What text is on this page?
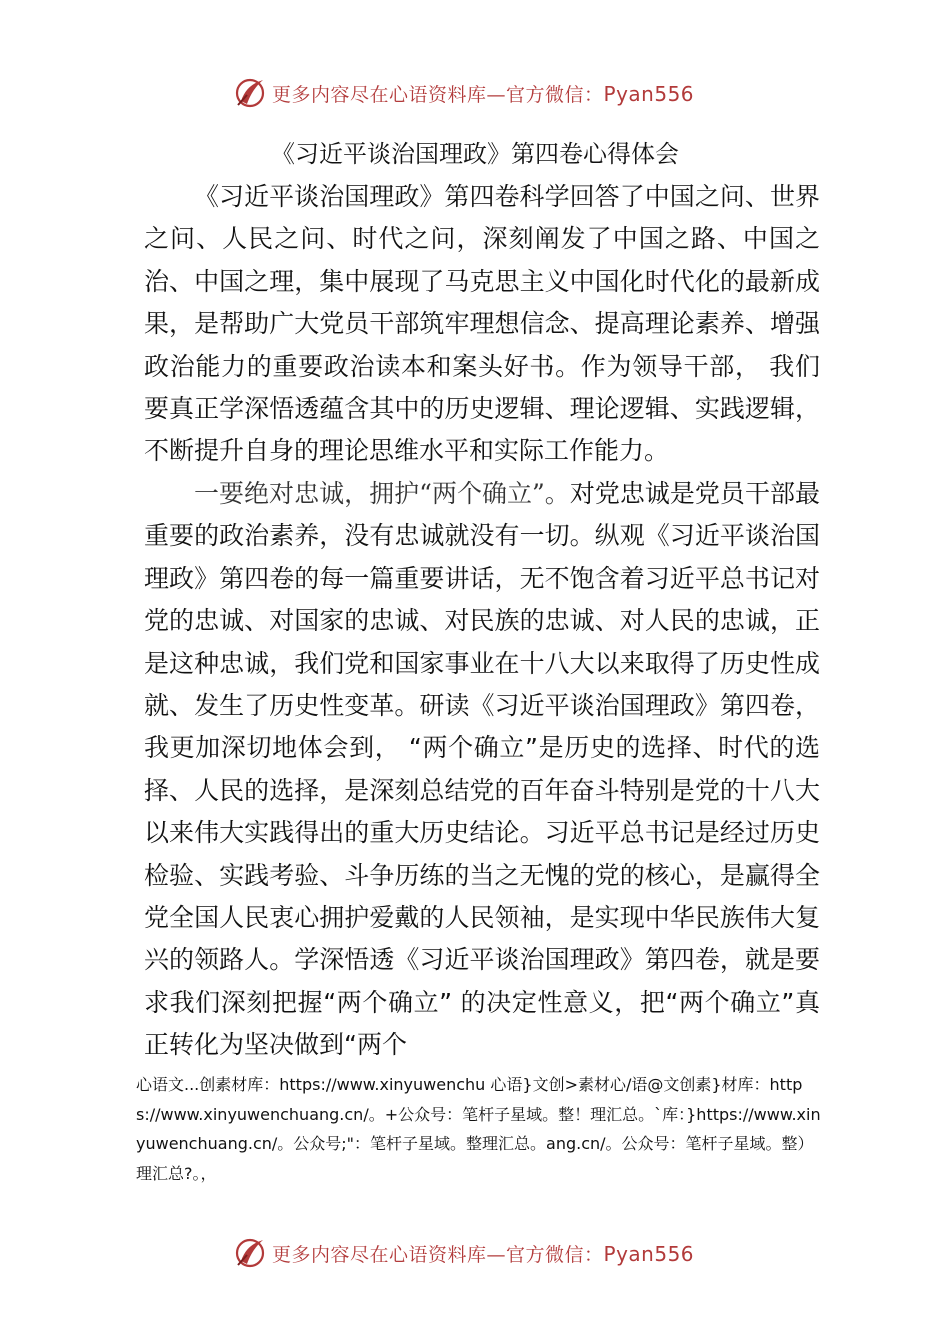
更多内容尽在心语资料库—官方微信：Pyan556
《习近平谈治国理政》第四卷心得体会

《习近平谈治国理政》第四卷科学回答了中国之问、世界之问、人民之问、时代之问，深刻阐发了中国之路、中国之治、中国之理，集中展现了马克思主义中国化时代化的最新成果，是帮助广大党员干部筑牢理想信念、提高理论素养、增强政治能力的重要政治读本和案头好书。作为领导干部， 我们要真正学深悟透蕴含其中的历史逻辑、理论逻辑、实践逻辑，不断提升自身的理论思维水平和实际工作能力。

一要绝对忠诚，拥护“两个确立”。对党忠诚是党员干部最重要的政治素养，没有忠诚就没有一切。纵观《习近平谈治国理政》第四卷的每一篇重要讲话，无不饱含着习近平总书记对党的忠诚、对国家的忠诚、对民族的忠诚、对人民的忠诚，正是这种忠诚，我们党和国家事业在十八大以来取得了历史性成就、发生了历史性变革。研读《习近平谈治国理政》第四卷，我更加深切地体会到， “两个确立”是历史的选择、时代的选择、人民的选择，是深刻总结党的百年奋斗特别是党的十八大以来伟大实践得出的重大历史结论。习近平总书记是经过历史检验、实践考验、斗争历练的当之无愧的党的核心，是赢得全党全国人民衷心拥护爱戴的人民领袖，是实现中华民族伟大复兴的领路人。学深悟透《习近平谈治国理政》第四卷，就是要求我们深刻把握“两个确立” 的决定性意义，把“两个确立”真正转化为坚决做到“两个

心语文...创素材库：https://www.xinyuwenchu 心语}文创>素材心/语@文创素}材库：https://www.xinyuwenchuang.cn/。+公众号：笔杆子星域。整！理汇总。`库：}https://www.xinyuwenchuang.cn/。公众号;"：笔杆子星域。整理汇总。ang.cn/。公众号：笔杆子星域。整）理汇总?。，

更多内容尽在心语资料库—官方微信：Pyan556
